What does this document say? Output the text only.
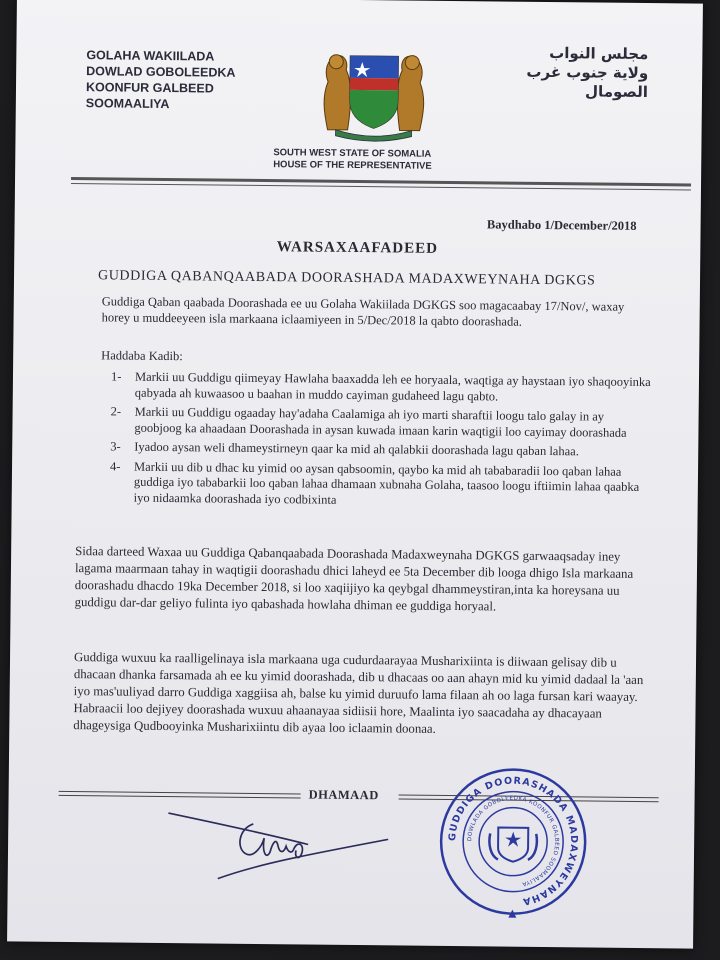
GOLAHA WAKIILADA
DOWLAD GOBOLEEDKA
KOONFUR GALBEED
SOOMAALIYA
مجلس النواب
ولاية جنوب غرب الصومال
SOUTH WEST STATE OF SOMALIA
HOUSE OF THE REPRESENTATIVE
Baydhabo 1/December/2018
WARSAXAAFADEED
GUDDIGA QABANQAABADA DOORASHADA MADAXWEYNAHA DGKGS
Guddiga Qaban qaabada Doorashada ee uu Golaha Wakiilada DGKGS soo magacaabay 17/Nov/, waxay horey u muddeeyeen isla markaana iclaamiyeen in 5/Dec/2018 la qabto doorashada.
Haddaba Kadib:
1- Markii uu Guddigu qiimeyay Hawlaha baaxadda leh ee horyaala, waqtiga ay haystaan iyo shaqooyinka qabyada ah kuwaasoo u baahan in muddo cayiman gudaheed lagu qabto.
2- Markii uu Guddigu ogaaday hay'adaha Caalamiga ah iyo marti sharaftii loogu talo galay in ay goobjoog ka ahaadaan Doorashada in aysan kuwada imaan karin waqtigii loo cayimay doorashada
3- Iyadoo aysan weli dhameystirneyn qaar ka mid ah qalabkii doorashada lagu qaban lahaa.
4- Markii uu dib u dhac ku yimid oo aysan qabsoomin, qaybo ka mid ah tababaradii loo qaban lahaa guddiga iyo tababarkii loo qaban lahaa dhamaan xubnaha Golaha, taasoo loogu iftiimin lahaa qaabka iyo nidaamka doorashada iyo codbixinta
Sidaa darteed Waxaa uu Guddiga Qabanqaabada Doorashada Madaxweynaha DGKGS garwaaqsaday iney lagama maarmaan tahay in waqtigii doorashadu dhici laheyd ee 5ta December dib looga dhigo Isla markaana doorashadu dhacdo 19ka December 2018, si loo xaqiijiyo ka qeybgal dhammeystiran,inta ka horeysana uu guddigu dar-dar geliyo fulinta iyo qabashada howlaha dhiman ee guddiga horyaal.
Guddiga wuxuu ka raalligelinaya isla markaana uga cudurdaarayaa Musharixiinta is diiwaan gelisay dib u dhacaan dhanka farsamada ah ee ku yimid doorashada, dib u dhacaas oo aan ahayn mid ku yimid dadaal la 'aan iyo mas'uuliyad darro Guddiga xaggiisa ah, balse ku yimid duruufo lama filaan ah oo laga fursan kari waayay.
Habraacii loo dejiyey doorashada wuxuu ahaanayaa sidiisii hore, Maalinta iyo saacadaha ay dhacayaan dhageysiga Qudbooyinka Musharixiintu dib ayaa loo iclaamin doonaa.
DHAMAAD
GUDDIGA DOORASHADA MADAXWEYNAHA
DOWLADA GOBOLEEDKA KOONFUR GALBEED SOOMAALIYA
